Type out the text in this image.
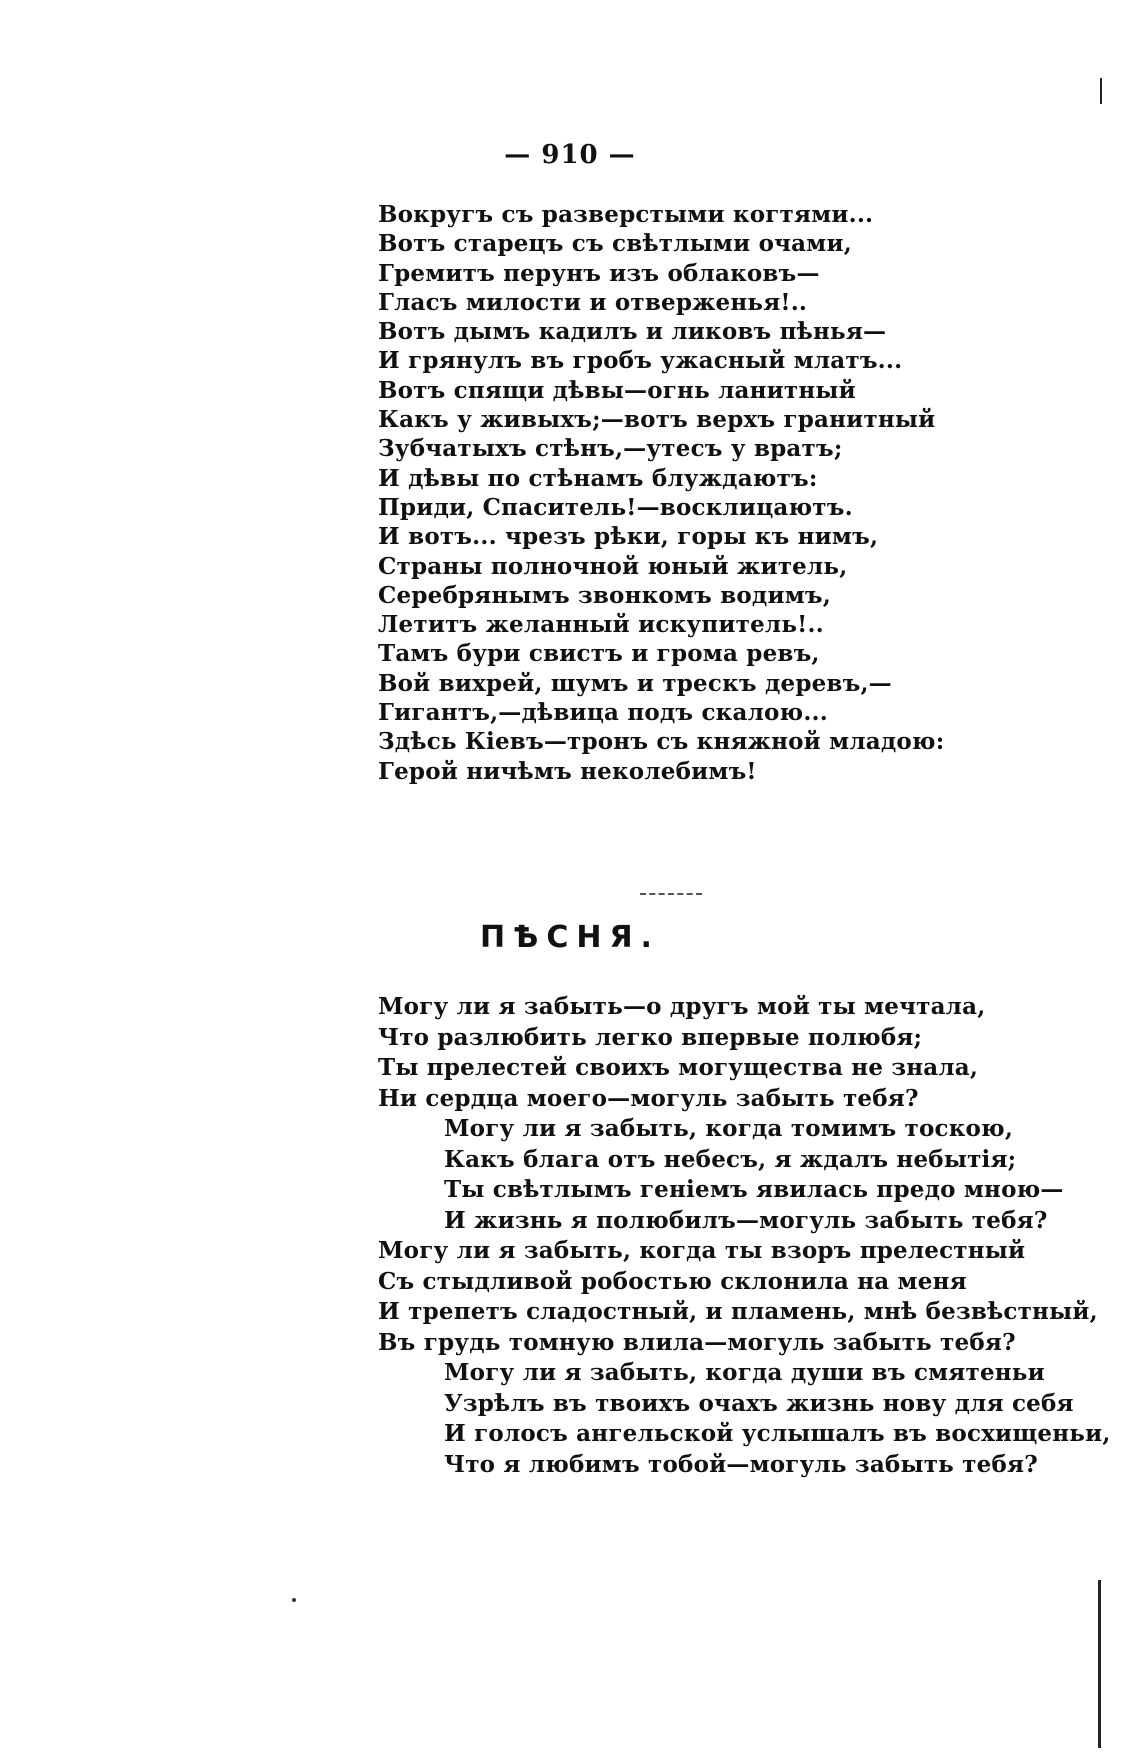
— 910 —
Вокругъ съ разверстыми когтями...
Вотъ старецъ съ свѣтлыми очами,
Гремитъ перунъ изъ облаковъ—
Гласъ милости и отверженья!..
Вотъ дымъ кадилъ и ликовъ пѣнья—
И грянулъ въ гробъ ужасный млатъ...
Вотъ спящи дѣвы—огнь ланитный
Какъ у живыхъ;—вотъ верхъ гранитный
Зубчатыхъ стѣнъ,—утесъ у вратъ;
И дѣвы по стѣнамъ блуждаютъ:
Приди, Спаситель!—восклицаютъ.
И вотъ... чрезъ рѣки, горы къ нимъ,
Страны полночной юный житель,
Серебрянымъ звонкомъ водимъ,
Летитъ желанный искупитель!..
Тамъ бури свистъ и грома ревъ,
Вой вихрей, шумъ и трескъ деревъ,—
Гигантъ,—дѣвица подъ скалою...
Здѣсь Кіевъ—тронъ съ княжной младою:
Герой ничѣмъ неколебимъ!
ПѢСНЯ.
Могу ли я забыть—о другъ мой ты мечтала,
Что разлюбить легко впервые полюбя;
Ты прелестей своихъ могущества не знала,
Ни сердца моего—могуль забыть тебя?
Могу ли я забыть, когда томимъ тоскою,
Какъ блага отъ небесъ, я ждалъ небытія;
Ты свѣтлымъ геніемъ явилась предо мною—
И жизнь я полюбилъ—могуль забыть тебя?
Могу ли я забыть, когда ты взоръ прелестный
Съ стыдливой робостью склонила на меня
И трепетъ сладостный, и пламень, мнѣ безвѣстный,
Въ грудь томную влила—могуль забыть тебя?
Могу ли я забыть, когда души въ смятеньи
Узрѣлъ въ твоихъ очахъ жизнь нову для себя
И голосъ ангельской услышалъ въ восхищеньи,
Что я любимъ тобой—могуль забыть тебя?
